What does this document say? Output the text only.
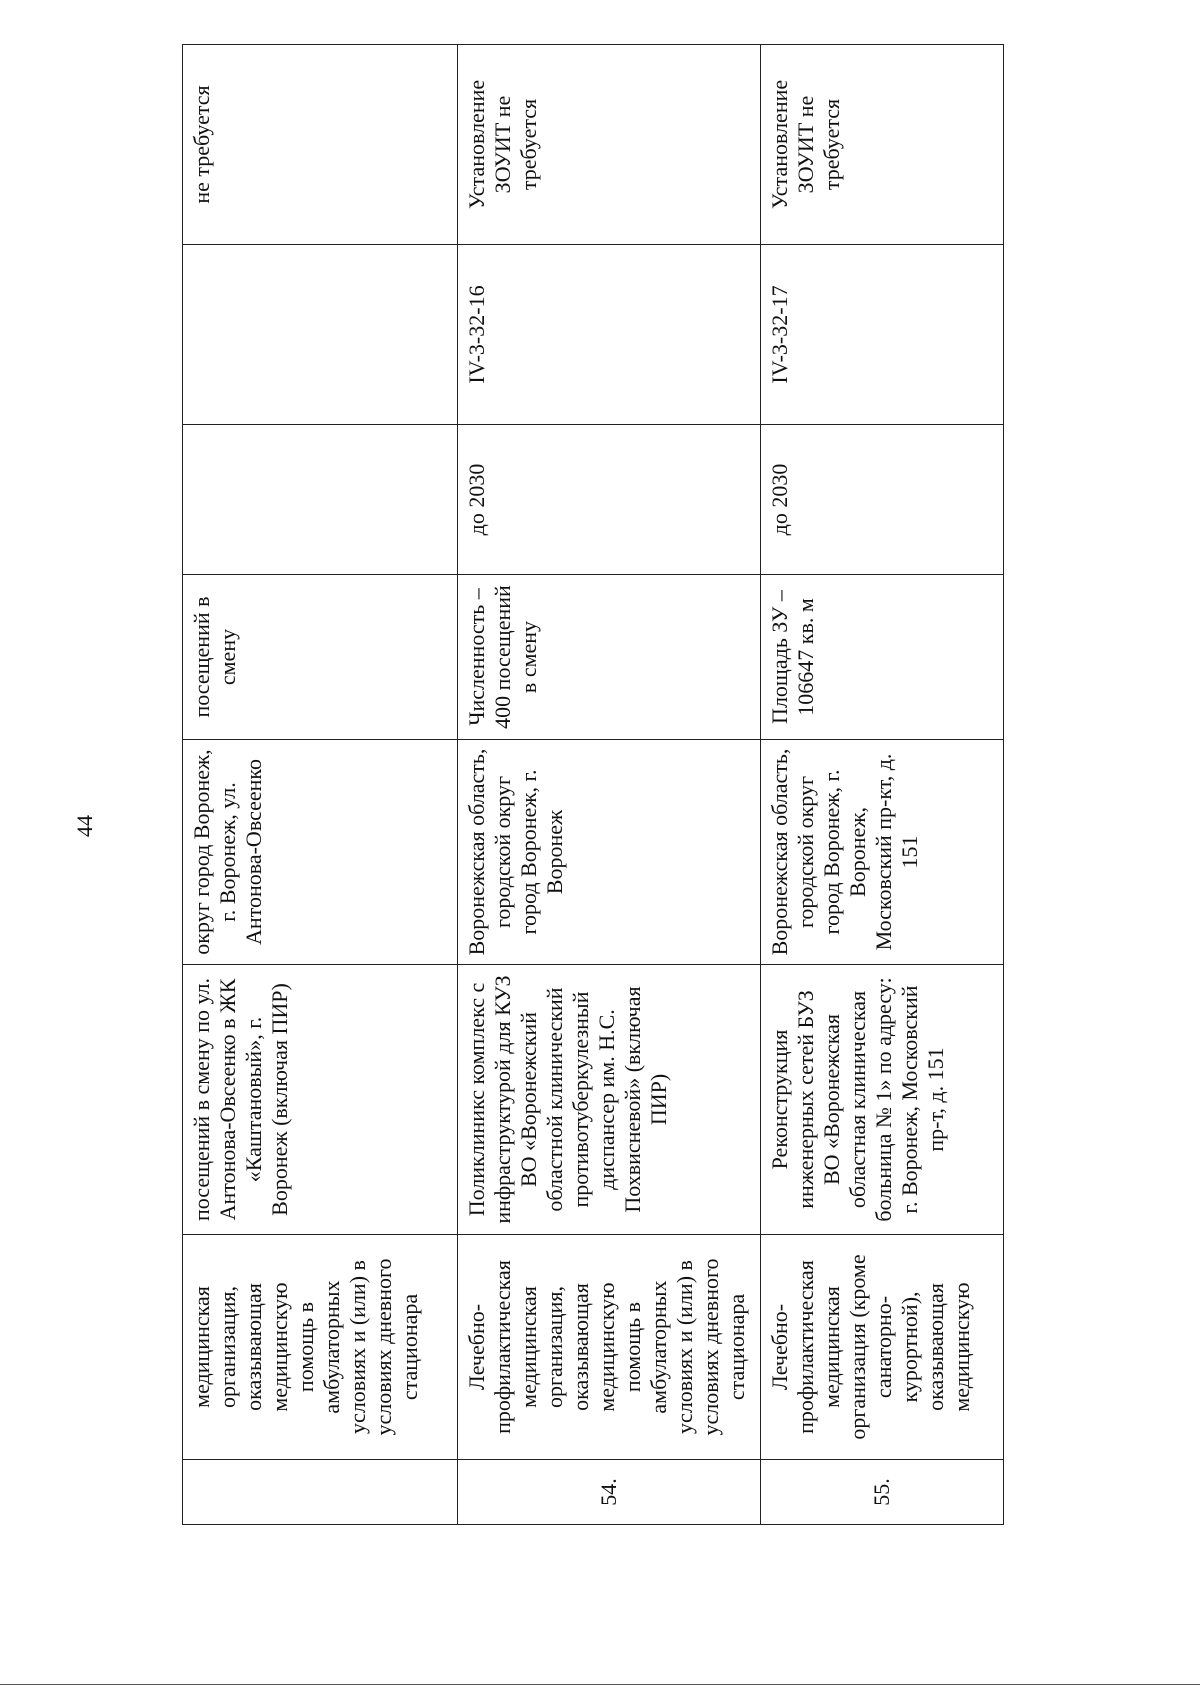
44
	медицинская организация, оказывающая медицинскую помощь в амбулаторных условиях и (или) в условиях дневного стационара	посещений в смену по ул. Антонова-Овсеенко в ЖК «Каштановый», г. Воронеж (включая ПИР)	округ город Воронеж, г. Воронеж, ул. Антонова-Овсеенко	посещений в смену			не требуется
54.	Лечебно-профилактическая медицинская организация, оказывающая медицинскую помощь в амбулаторных условиях и (или) в условиях дневного стационара	Поликлиникс комплекс с инфраструктурой для КУЗ ВО «Воронежский областной клинический противотуберкулезный диспансер им. Н.С. Похвисневой» (включая ПИР)	Воронежская область, городской округ город Воронеж, г. Воронеж	Численность – 400 посещений в смену	до 2030	IV-3-32-16	Установление ЗОУИТ не требуется
55.	Лечебно-профилактическая медицинская организация (кроме санаторно-курортной), оказывающая медицинскую	Реконструкция инженерных сетей БУЗ ВО «Воронежская областная клиническая больница № 1» по адресу: г. Воронеж, Московский пр-т, д. 151	Воронежская область, городской округ город Воронеж, г. Воронеж, Московский пр-кт, д. 151	Площадь ЗУ – 106647 кв. м	до 2030	IV-3-32-17	Установление ЗОУИТ не требуется
